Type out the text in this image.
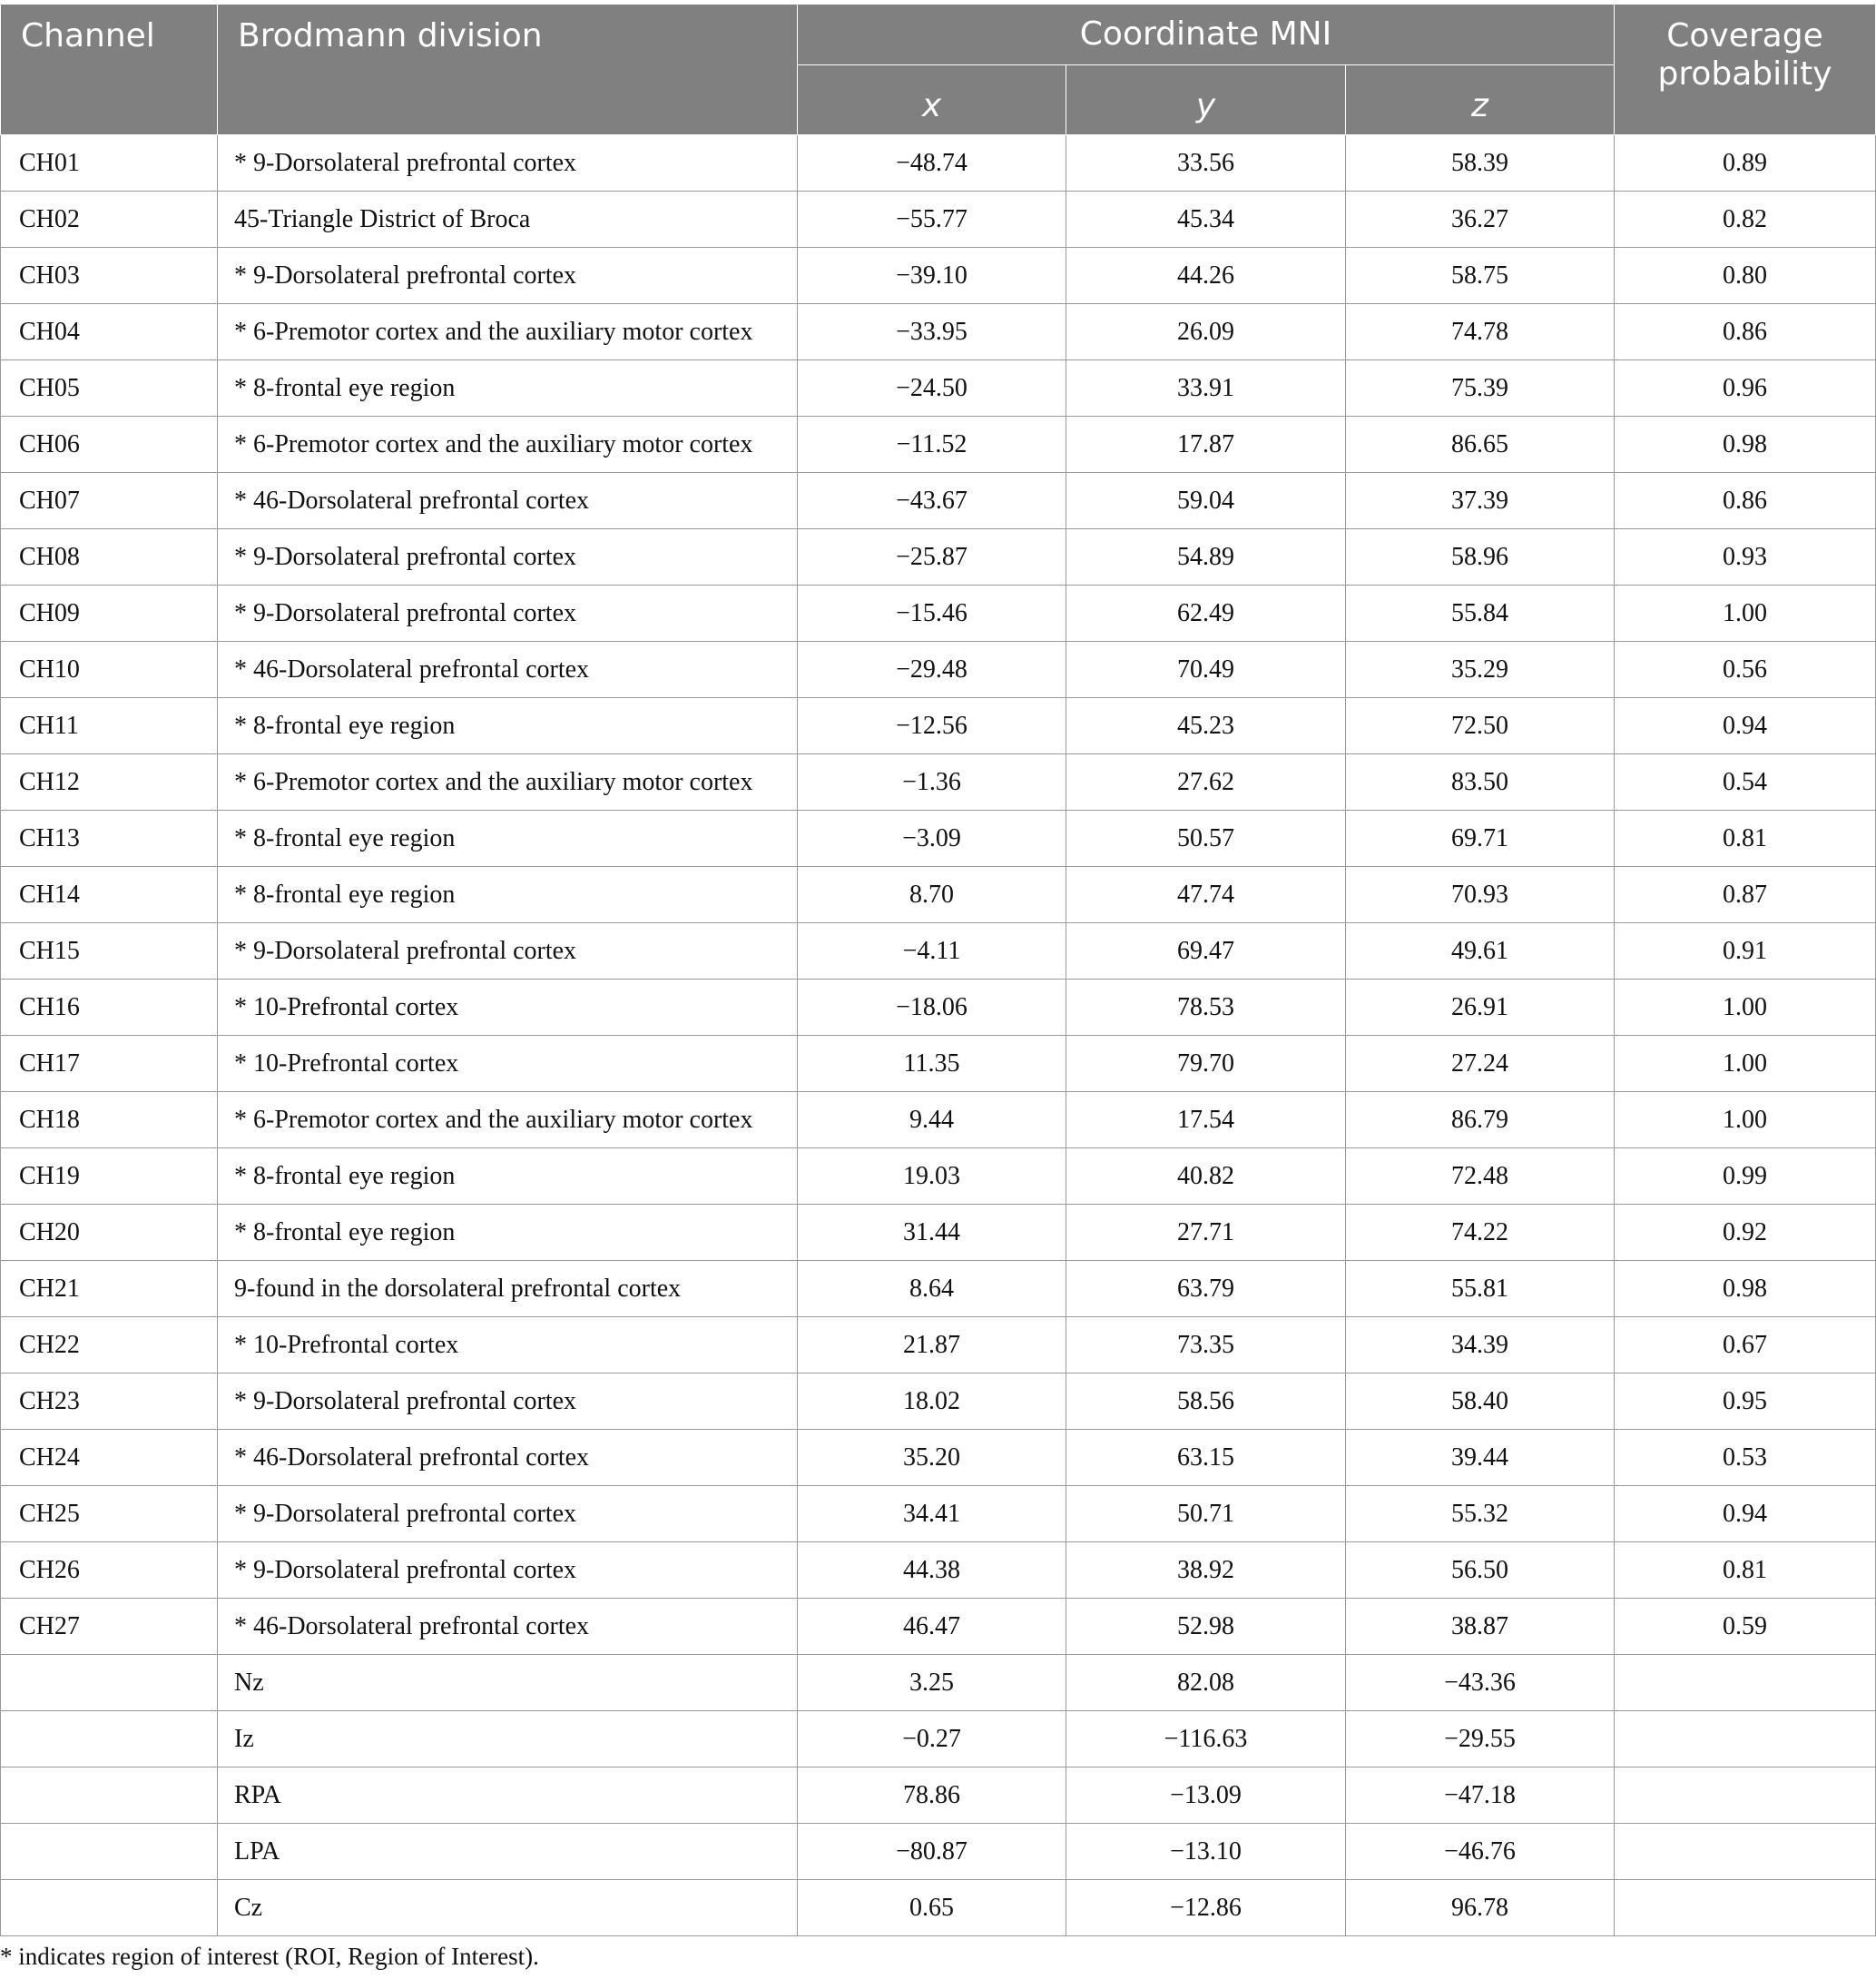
Channel	Brodmann division	Coordinate MNI			Coverage
probability
		x	y	z	
CH01	* 9-Dorsolateral prefrontal cortex	−48.74	33.56	58.39	0.89
CH02	45-Triangle District of Broca	−55.77	45.34	36.27	0.82
CH03	* 9-Dorsolateral prefrontal cortex	−39.10	44.26	58.75	0.80
CH04	* 6-Premotor cortex and the auxiliary motor cortex	−33.95	26.09	74.78	0.86
CH05	* 8-frontal eye region	−24.50	33.91	75.39	0.96
CH06	* 6-Premotor cortex and the auxiliary motor cortex	−11.52	17.87	86.65	0.98
CH07	* 46-Dorsolateral prefrontal cortex	−43.67	59.04	37.39	0.86
CH08	* 9-Dorsolateral prefrontal cortex	−25.87	54.89	58.96	0.93
CH09	* 9-Dorsolateral prefrontal cortex	−15.46	62.49	55.84	1.00
CH10	* 46-Dorsolateral prefrontal cortex	−29.48	70.49	35.29	0.56
CH11	* 8-frontal eye region	−12.56	45.23	72.50	0.94
CH12	* 6-Premotor cortex and the auxiliary motor cortex	−1.36	27.62	83.50	0.54
CH13	* 8-frontal eye region	−3.09	50.57	69.71	0.81
CH14	* 8-frontal eye region	8.70	47.74	70.93	0.87
CH15	* 9-Dorsolateral prefrontal cortex	−4.11	69.47	49.61	0.91
CH16	* 10-Prefrontal cortex	−18.06	78.53	26.91	1.00
CH17	* 10-Prefrontal cortex	11.35	79.70	27.24	1.00
CH18	* 6-Premotor cortex and the auxiliary motor cortex	9.44	17.54	86.79	1.00
CH19	* 8-frontal eye region	19.03	40.82	72.48	0.99
CH20	* 8-frontal eye region	31.44	27.71	74.22	0.92
CH21	9-found in the dorsolateral prefrontal cortex	8.64	63.79	55.81	0.98
CH22	* 10-Prefrontal cortex	21.87	73.35	34.39	0.67
CH23	* 9-Dorsolateral prefrontal cortex	18.02	58.56	58.40	0.95
CH24	* 46-Dorsolateral prefrontal cortex	35.20	63.15	39.44	0.53
CH25	* 9-Dorsolateral prefrontal cortex	34.41	50.71	55.32	0.94
CH26	* 9-Dorsolateral prefrontal cortex	44.38	38.92	56.50	0.81
CH27	* 46-Dorsolateral prefrontal cortex	46.47	52.98	38.87	0.59
	Nz	3.25	82.08	−43.36	
	Iz	−0.27	−116.63	−29.55	
	RPA	78.86	−13.09	−47.18	
	LPA	−80.87	−13.10	−46.76	
	Cz	0.65	−12.86	96.78	
* indicates region of interest (ROI, Region of Interest).
